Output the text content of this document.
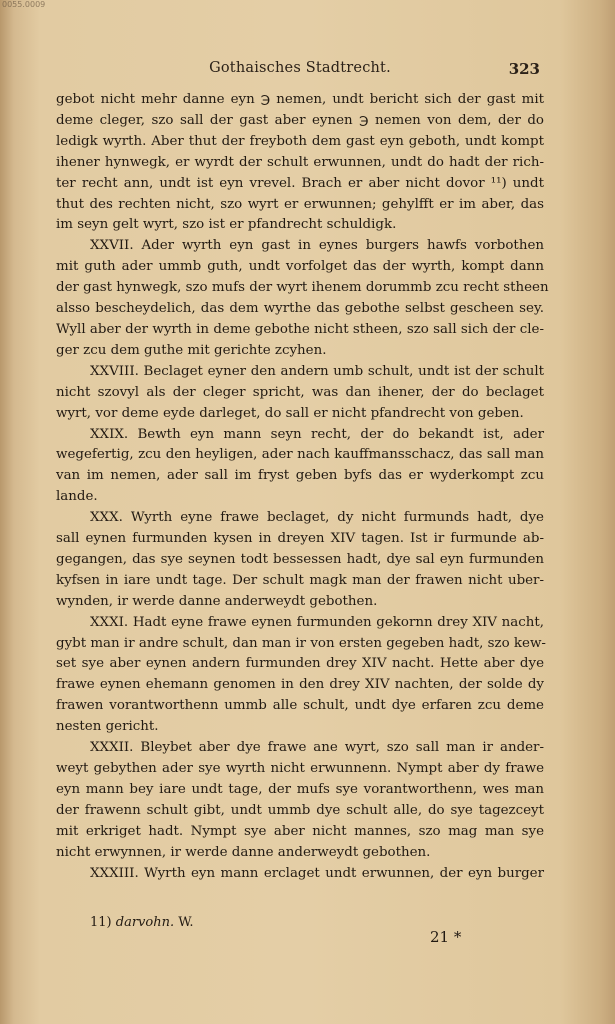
0055.0009
Gothaisches Stadtrecht.	323
gebot nicht mehr danne eyn ℈ nemen, undt bericht sich der gast mit
deme cleger, szo sall der gast aber eynen ℈ nemen von dem, der do
ledigk wyrth. Aber thut der freyboth dem gast eyn geboth, undt kompt
ihener hynwegk, er wyrdt der schult erwunnen, undt do hadt der rich-
ter recht ann, undt ist eyn vrevel. Brach er aber nicht dovor ¹¹) undt
thut des rechten nicht, szo wyrt er erwunnen; gehylfft er im aber, das
im seyn gelt wyrt, szo ist er pfandrecht schuldigk.
XXVII. Ader wyrth eyn gast in eynes burgers hawfs vorbothen
mit guth ader ummb guth, undt vorfolget das der wyrth, kompt dann
der gast hynwegk, szo mufs der wyrt ihenem dorummb zcu recht stheen
alsso bescheydelich, das dem wyrthe das gebothe selbst gescheen sey.
Wyll aber der wyrth in deme gebothe nicht stheen, szo sall sich der cle-
ger zcu dem guthe mit gerichte zcyhen.
XXVIII. Beclaget eyner den andern umb schult, undt ist der schult
nicht szovyl als der cleger spricht, was dan ihener, der do beclaget
wyrt, vor deme eyde darleget, do sall er nicht pfandrecht von geben.
XXIX. Bewth eyn mann seyn recht, der do bekandt ist, ader
wegefertig, zcu den heyligen, ader nach kauffmansschacz, das sall man
van im nemen, ader sall im fryst geben byfs das er wyderkompt zcu
lande.
XXX. Wyrth eyne frawe beclaget, dy nicht furmunds hadt, dye
sall eynen furmunden kysen in dreyen XIV tagen. Ist ir furmunde ab-
gegangen, das sye seynen todt bessessen hadt, dye sal eyn furmunden
kyfsen in iare undt tage. Der schult magk man der frawen nicht uber-
wynden, ir werde danne anderweydt gebothen.
XXXI. Hadt eyne frawe eynen furmunden gekornn drey XIV nacht,
gybt man ir andre schult, dan man ir von ersten gegeben hadt, szo kew-
set sye aber eynen andern furmunden drey XIV nacht. Hette aber dye
frawe eynen ehemann genomen in den drey XIV nachten, der solde dy
frawen vorantworthenn ummb alle schult, undt dye erfaren zcu deme
nesten gericht.
XXXII. Bleybet aber dye frawe ane wyrt, szo sall man ir ander-
weyt gebythen ader sye wyrth nicht erwunnenn. Nympt aber dy frawe
eyn mann bey iare undt tage, der mufs sye vorantworthenn, wes man
der frawenn schult gibt, undt ummb dye schult alle, do sye tagezceyt
mit erkriget hadt. Nympt sye aber nicht mannes, szo mag man sye
nicht erwynnen, ir werde danne anderweydt gebothen.
XXXIII. Wyrth eyn mann erclaget undt erwunnen, der eyn burger
11) darvohn. W.
21 *
